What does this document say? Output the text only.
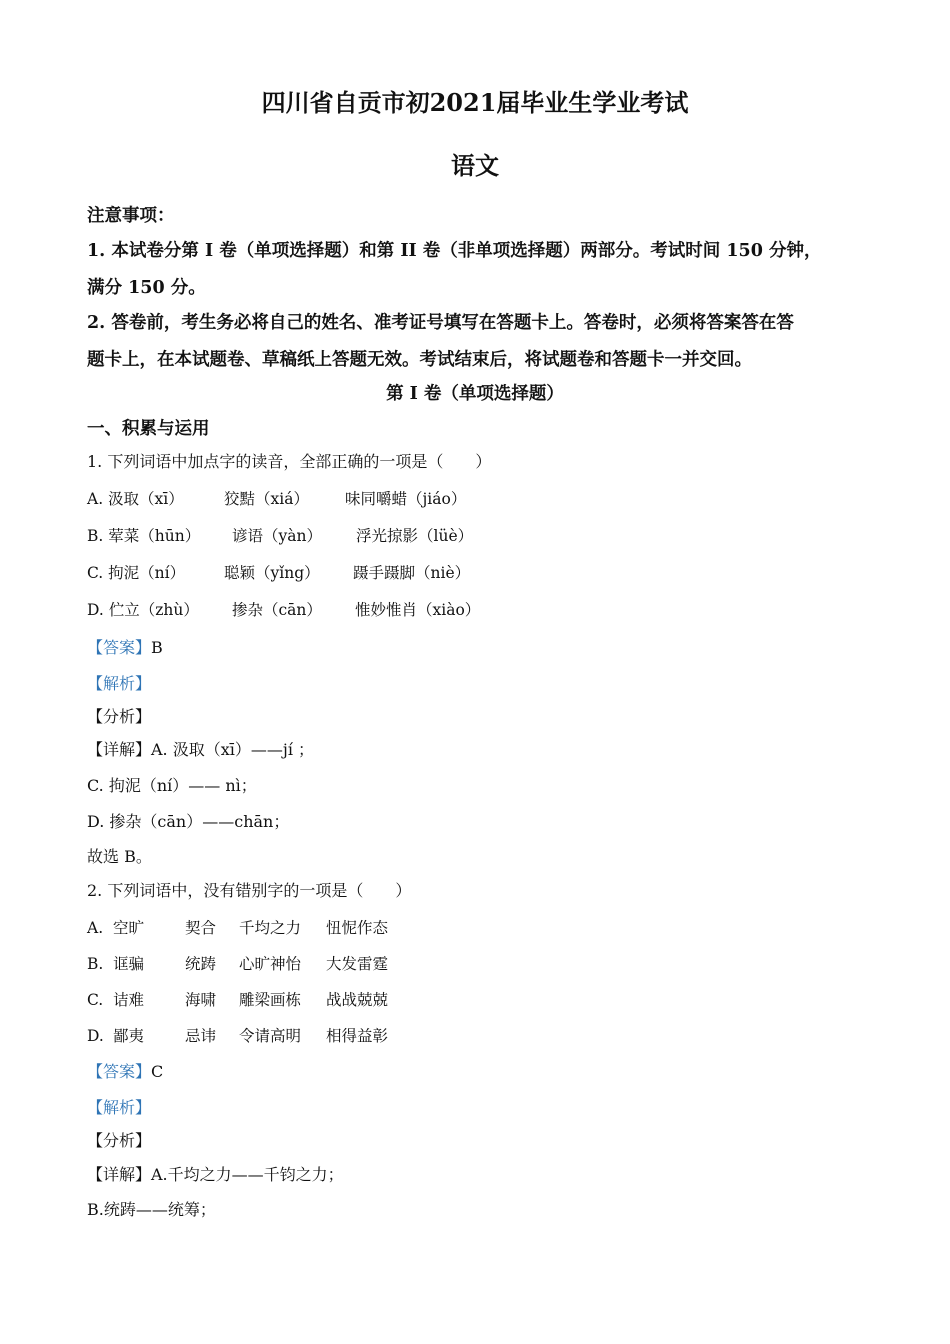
四川省自贡市初2021届毕业生学业考试
语文
注意事项：
1. 本试卷分第 I 卷（单项选择题）和第 II 卷（非单项选择题）两部分。考试时间 150 分钟，
满分 150 分。
2. 答卷前，考生务必将自己的姓名、准考证号填写在答题卡上。答卷时，必须将答案答在答
题卡上，在本试题卷、草稿纸上答题无效。考试结束后，将试题卷和答题卡一并交回。
第 I 卷（单项选择题）
一、积累与运用
1. 下列词语中加点字的读音，全部正确的一项是（　　）
A. 汲取（xī）	狡黠（xiá） 味同嚼蜡（jiáo）
B. 荤菜（hūn） 谚语（yàn） 浮光掠影（lüè）
C. 拘泥（ní）	聪颖（yǐng） 蹑手蹑脚（niè）
D. 伫立（zhù） 掺杂（cān） 惟妙惟肖（xiào）
【答案】B
【解析】
【分析】
【详解】A. 汲取（xī）——jí ；
C. 拘泥（ní）—— nì；
D. 掺杂（cān）——chān；
故选 B。
2. 下列词语中，没有错别字的一项是（　　）
A. 空旷	契合 千均之力 忸怩作态
B. 诓骗	统踌 心旷神怡 大发雷霆
C. 诘难	海啸 雕梁画栋 战战兢兢
D. 鄙夷	忌讳 令请高明 相得益彰
【答案】C
【解析】
【分析】
【详解】A.千均之力——千钧之力；
B.统踌——统筹；
